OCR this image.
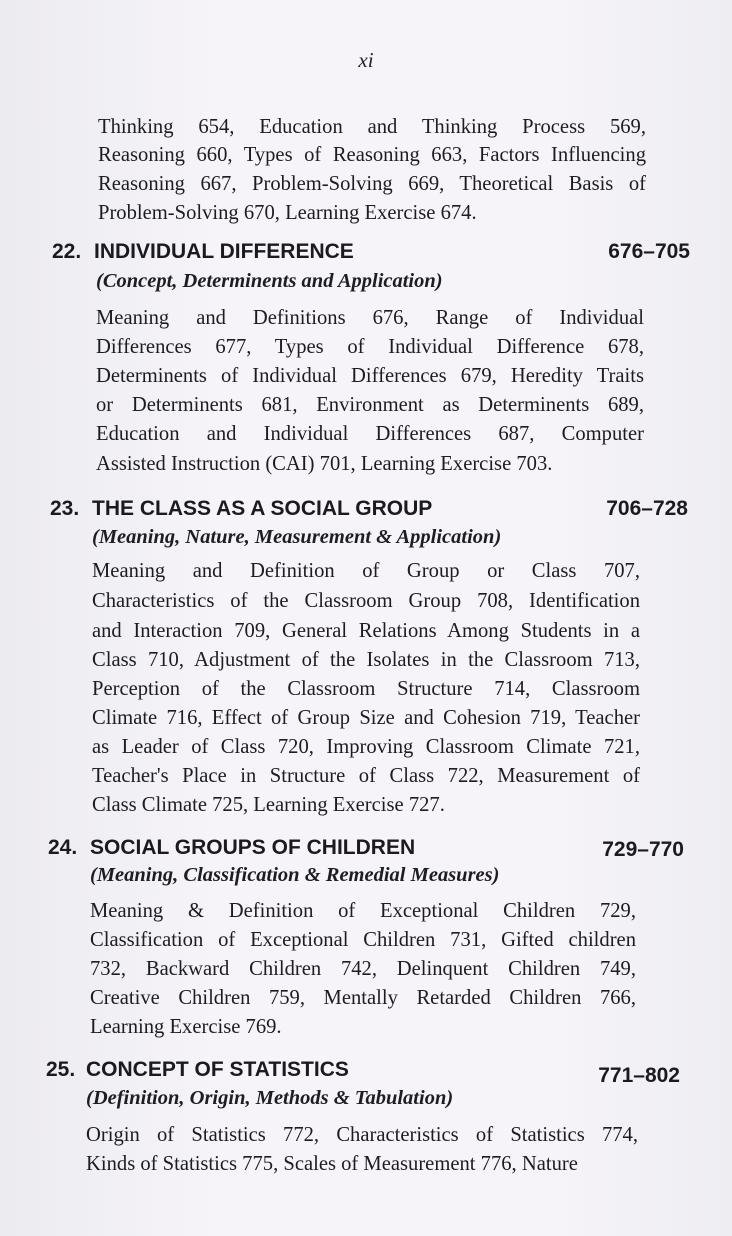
xi
Thinking 654, Education and Thinking Process 569,
Reasoning 660, Types of Reasoning 663, Factors Influencing
Reasoning 667, Problem-Solving 669, Theoretical Basis of
Problem-Solving 670, Learning Exercise 674.
22. INDIVIDUAL DIFFERENCE	676–705
(Concept, Determinents and Application)
Meaning and Definitions 676, Range of Individual
Differences 677, Types of Individual Difference 678,
Determinents of Individual Differences 679, Heredity Traits
or Determinents 681, Environment as Determinents 689,
Education and Individual Differences 687, Computer
Assisted Instruction (CAI) 701, Learning Exercise 703.
23. THE CLASS AS A SOCIAL GROUP	706–728
(Meaning, Nature, Measurement & Application)
Meaning and Definition of Group or Class 707,
Characteristics of the Classroom Group 708, Identification
and Interaction 709, General Relations Among Students in a
Class 710, Adjustment of the Isolates in the Classroom 713,
Perception of the Classroom Structure 714, Classroom
Climate 716, Effect of Group Size and Cohesion 719, Teacher
as Leader of Class 720, Improving Classroom Climate 721,
Teacher's Place in Structure of Class 722, Measurement of
Class Climate 725, Learning Exercise 727.
24. SOCIAL GROUPS OF CHILDREN	729–770
(Meaning, Classification & Remedial Measures)
Meaning & Definition of Exceptional Children 729,
Classification of Exceptional Children 731, Gifted children
732, Backward Children 742, Delinquent Children 749,
Creative Children 759, Mentally Retarded Children 766,
Learning Exercise 769.
25. CONCEPT OF STATISTICS	771–802
(Definition, Origin, Methods & Tabulation)
Origin of Statistics 772, Characteristics of Statistics 774,
Kinds of Statistics 775, Scales of Measurement 776, Nature
